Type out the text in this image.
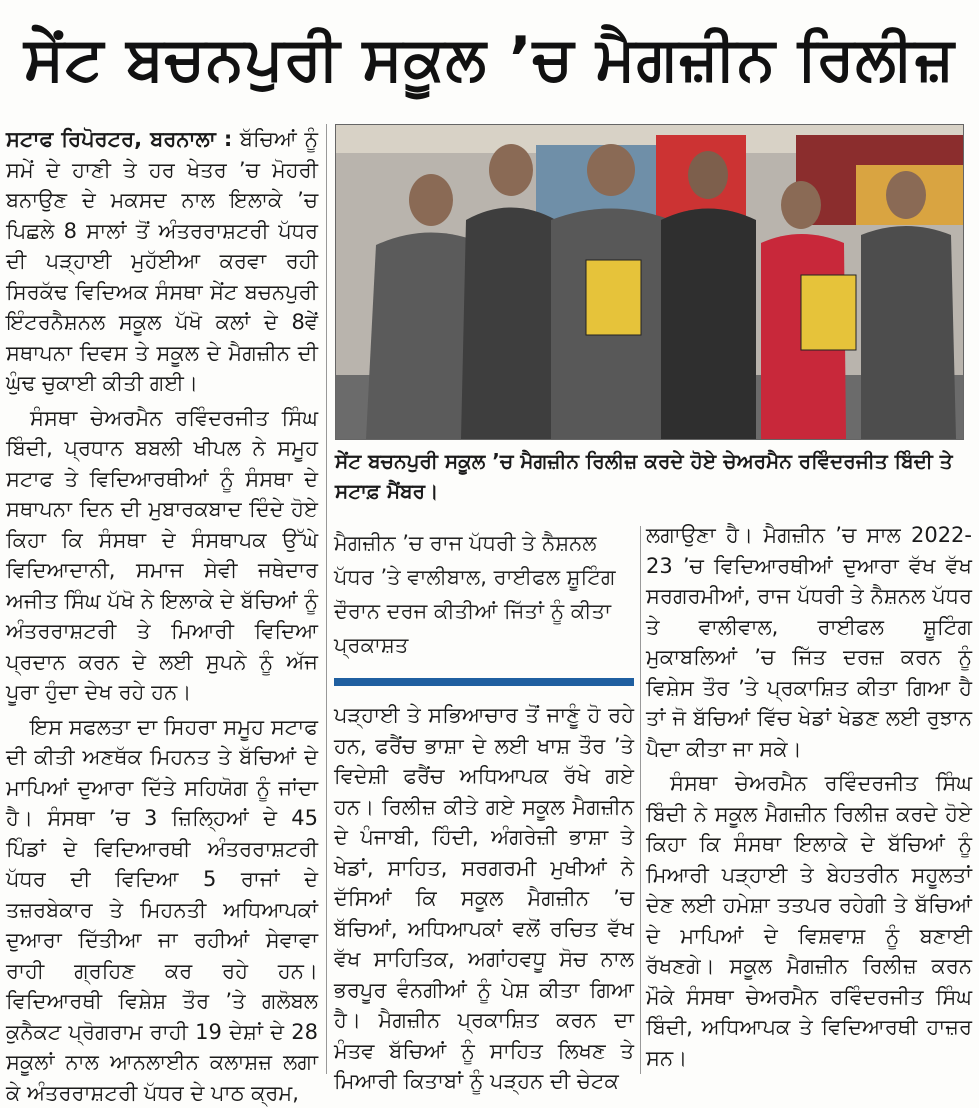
ਸੇਂਟ ਬਚਨਪੁਰੀ ਸਕੂਲ ’ਚ ਮੈਗਜ਼ੀਨ ਰਿਲੀਜ਼

ਸਟਾਫ ਰਿਪੋਰਟਰ, ਬਰਨਾਲਾ : ਬੱਚਿਆਂ ਨੂੰ ਸਮੇਂ ਦੇ ਹਾਣੀ ਤੇ ਹਰ ਖੇਤਰ ’ਚ ਮੋਹਰੀ ਬਨਾਉਣ ਦੇ ਮਕਸਦ ਨਾਲ ਇਲਾਕੇ ’ਚ ਪਿਛਲੇ 8 ਸਾਲਾਂ ਤੋਂ ਅੰਤਰਰਾਸ਼ਟਰੀ ਪੱਧਰ ਦੀ ਪੜ੍ਹਾਈ ਮੁਹੱਈਆ ਕਰਵਾ ਰਹੀ ਸਿਰਕੱਢ ਵਿਦਿਅਕ ਸੰਸਥਾ ਸੇਂਟ ਬਚਨਪੁਰੀ ਇੰਟਰਨੈਸ਼ਨਲ ਸਕੂਲ ਪੱਖੋ ਕਲਾਂ ਦੇ 8ਵੇਂ ਸਥਾਪਨਾ ਦਿਵਸ ਤੇ ਸਕੂਲ ਦੇ ਮੈਗਜ਼ੀਨ ਦੀ ਘੁੰਢ ਚੁਕਾਈ ਕੀਤੀ ਗਈ।

ਸੰਸਥਾ ਚੇਅਰਮੈਨ ਰਵਿੰਦਰਜੀਤ ਸਿੰਘ ਬਿੰਦੀ, ਪ੍ਰਧਾਨ ਬਬਲੀ ਖੀਪਲ ਨੇ ਸਮੂਹ ਸਟਾਫ ਤੇ ਵਿਦਿਆਰਥੀਆਂ ਨੂੰ ਸੰਸਥਾ ਦੇ ਸਥਾਪਨਾ ਦਿਨ ਦੀ ਮੁਬਾਰਕਬਾਦ ਦਿੰਦੇ ਹੋਏ ਕਿਹਾ ਕਿ ਸੰਸਥਾ ਦੇ ਸੰਸਥਾਪਕ ਉੱਘੇ ਵਿਦਿਆਦਾਨੀ, ਸਮਾਜ ਸੇਵੀ ਜਥੇਦਾਰ ਅਜੀਤ ਸਿੰਘ ਪੱਖੋ ਨੇ ਇਲਾਕੇ ਦੇ ਬੱਚਿਆਂ ਨੂੰ ਅੰਤਰਰਾਸ਼ਟਰੀ ਤੇ ਮਿਆਰੀ ਵਿਦਿਆ ਪ੍ਰਦਾਨ ਕਰਨ ਦੇ ਲਈ ਸੁਪਨੇ ਨੂੰ ਅੱਜ ਪੂਰਾ ਹੁੰਦਾ ਦੇਖ ਰਹੇ ਹਨ।

ਇਸ ਸਫਲਤਾ ਦਾ ਸਿਹਰਾ ਸਮੂਹ ਸਟਾਫ ਦੀ ਕੀਤੀ ਅਣਥੱਕ ਮਿਹਨਤ ਤੇ ਬੱਚਿਆਂ ਦੇ ਮਾਪਿਆਂ ਦੁਆਰਾ ਦਿੱਤੇ ਸਹਿਯੋਗ ਨੂੰ ਜਾਂਦਾ ਹੈ। ਸੰਸਥਾ ’ਚ 3 ਜ਼ਿਲ੍ਹਿਆਂ ਦੇ 45 ਪਿੰਡਾਂ ਦੇ ਵਿਦਿਆਰਥੀ ਅੰਤਰਰਾਸ਼ਟਰੀ ਪੱਧਰ ਦੀ ਵਿਦਿਆ 5 ਰਾਜਾਂ ਦੇ ਤਜ਼ਰਬੇਕਾਰ ਤੇ ਮਿਹਨਤੀ ਅਧਿਆਪਕਾਂ ਦੁਆਰਾ ਦਿੱਤੀਆ ਜਾ ਰਹੀਆਂ ਸੇਵਾਵਾ ਰਾਹੀ ਗ੍ਰਹਿਣ ਕਰ ਰਹੇ ਹਨ। ਵਿਦਿਆਰਥੀ ਵਿਸ਼ੇਸ਼ ਤੌਰ ’ਤੇ ਗਲੋਬਲ ਕੁਨੈਕਟ ਪ੍ਰੋਗਰਾਮ ਰਾਹੀ 19 ਦੇਸ਼ਾਂ ਦੇ 28 ਸਕੂਲਾਂ ਨਾਲ ਆਨਲਾਈਨ ਕਲਾਸ਼ਜ਼ ਲਗਾ ਕੇ ਅੰਤਰਰਾਸ਼ਟਰੀ ਪੱਧਰ ਦੇ ਪਾਠ ਕ੍ਰਮ,

ਸੇਂਟ ਬਚਨਪੁਰੀ ਸਕੂਲ ’ਚ ਮੈਗਜ਼ੀਨ ਰਿਲੀਜ਼ ਕਰਦੇ ਹੋਏ ਚੇਅਰਮੈਨ ਰਵਿੰਦਰਜੀਤ ਬਿੰਦੀ ਤੇ ਸਟਾਫ਼ ਮੈਂਬਰ।
ਮੈਗਜ਼ੀਨ ’ਚ ਰਾਜ ਪੱਧਰੀ ਤੇ ਨੈਸ਼ਨਲ ਪੱਧਰ ’ਤੇ ਵਾਲੀਬਾਲ, ਰਾਈਫਲ ਸ਼ੂਟਿੰਗ ਦੌਰਾਨ ਦਰਜ ਕੀਤੀਆਂ ਜਿੱਤਾਂ ਨੂੰ ਕੀਤਾ ਪ੍ਰਕਾਸ਼ਤ

ਪੜ੍ਹਾਈ ਤੇ ਸਭਿਆਚਾਰ ਤੋਂ ਜਾਣੂੰ ਹੋ ਰਹੇ ਹਨ, ਫਰੈਂਚ ਭਾਸ਼ਾ ਦੇ ਲਈ ਖਾਸ਼ ਤੌਰ ’ਤੇ ਵਿਦੇਸ਼ੀ ਫਰੈਂਚ ਅਧਿਆਪਕ ਰੱਖੇ ਗਏ ਹਨ। ਰਿਲੀਜ਼ ਕੀਤੇ ਗਏ ਸਕੂਲ ਮੈਗਜ਼ੀਨ ਦੇ ਪੰਜਾਬੀ, ਹਿੰਦੀ, ਅੰਗਰੇਜ਼ੀ ਭਾਸ਼ਾ ਤੇ ਖੇਡਾਂ, ਸਾਹਿਤ, ਸਰਗਰਮੀ ਮੁਖੀਆਂ ਨੇ ਦੱਸਿਆਂ ਕਿ ਸਕੂਲ ਮੈਗਜ਼ੀਨ ’ਚ ਬੱਚਿਆਂ, ਅਧਿਆਪਕਾਂ ਵਲੋਂ ਰਚਿਤ ਵੱਖ ਵੱਖ ਸਾਹਿਤਿਕ, ਅਗਾਂਹਵਧੂ ਸੋਚ ਨਾਲ ਭਰਪੂਰ ਵੰਨਗੀਆਂ ਨੂੰ ਪੇਸ਼ ਕੀਤਾ ਗਿਆ ਹੈ। ਮੈਗਜ਼ੀਨ ਪ੍ਰਕਾਸ਼ਿਤ ਕਰਨ ਦਾ ਮੰਤਵ ਬੱਚਿਆਂ ਨੂੰ ਸਾਹਿਤ ਲਿਖਣ ਤੇ ਮਿਆਰੀ ਕਿਤਾਬਾਂ ਨੂੰ ਪੜ੍ਹਨ ਦੀ ਚੇਟਕ

ਲਗਾਉਣਾ ਹੈ। ਮੈਗਜ਼ੀਨ ’ਚ ਸਾਲ 2022-23 ’ਚ ਵਿਦਿਆਰਥੀਆਂ ਦੁਆਰਾ ਵੱਖ ਵੱਖ ਸਰਗਰਮੀਆਂ, ਰਾਜ ਪੱਧਰੀ ਤੇ ਨੈਸ਼ਨਲ ਪੱਧਰ ਤੇ ਵਾਲੀਵਾਲ, ਰਾਈਫਲ ਸ਼ੂਟਿੰਗ ਮੁਕਾਬਲਿਆਂ ’ਚ ਜਿੱਤ ਦਰਜ਼ ਕਰਨ ਨੂੰ ਵਿਸ਼ੇਸ ਤੌਰ ’ਤੇ ਪ੍ਰਕਾਸ਼ਿਤ ਕੀਤਾ ਗਿਆ ਹੈ ਤਾਂ ਜੋ ਬੱਚਿਆਂ ਵਿੱਚ ਖੇਡਾਂ ਖੇਡਣ ਲਈ ਰੁਝਾਨ ਪੈਦਾ ਕੀਤਾ ਜਾ ਸਕੇ।

ਸੰਸਥਾ ਚੇਅਰਮੈਨ ਰਵਿੰਦਰਜੀਤ ਸਿੰਘ ਬਿੰਦੀ ਨੇ ਸਕੂਲ ਮੈਗਜ਼ੀਨ ਰਿਲੀਜ਼ ਕਰਦੇ ਹੋਏ ਕਿਹਾ ਕਿ ਸੰਸਥਾ ਇਲਾਕੇ ਦੇ ਬੱਚਿਆਂ ਨੂੰ ਮਿਆਰੀ ਪੜ੍ਹਾਈ ਤੇ ਬੇਹਤਰੀਨ ਸਹੂਲਤਾਂ ਦੇਣ ਲਈ ਹਮੇਸ਼ਾ ਤਤਪਰ ਰਹੇਗੀ ਤੇ ਬੱਚਿਆਂ ਦੇ ਮਾਪਿਆਂ ਦੇ ਵਿਸ਼ਵਾਸ਼ ਨੂੰ ਬਣਾਈ ਰੱਖਣਗੇ। ਸਕੂਲ ਮੈਗਜ਼ੀਨ ਰਿਲੀਜ਼ ਕਰਨ ਮੌਕੇ ਸੰਸਥਾ ਚੇਅਰਮੈਨ ਰਵਿੰਦਰਜੀਤ ਸਿੰਘ ਬਿੰਦੀ, ਅਧਿਆਪਕ ਤੇ ਵਿਦਿਆਰਥੀ ਹਾਜ਼ਰ ਸਨ।
